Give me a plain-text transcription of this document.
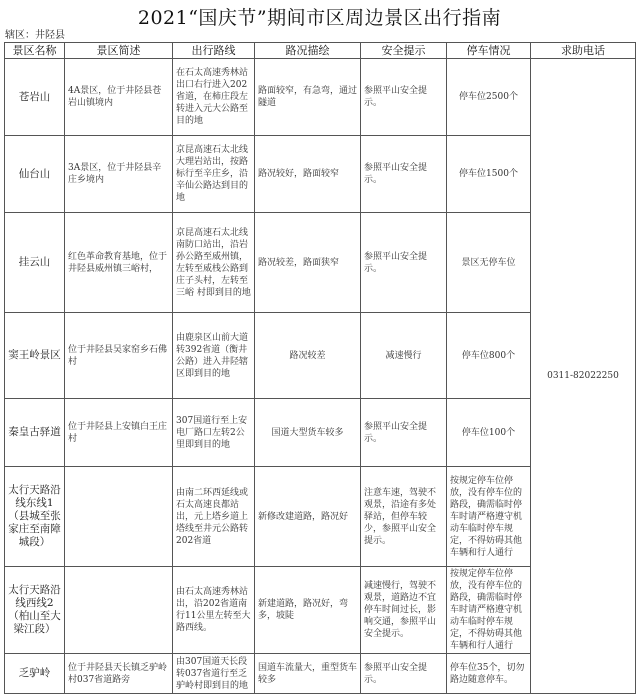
2021“国庆节”期间市区周边景区出行指南
辖区：井陉县
景区名称	景区简述	出行路线	路况描绘	安全提示	停车情况	求助电话
苍岩山	4A景区，位于井陉县苍岩山镇境内	在石太高速秀林站出口右行进入202省道，在柿庄段左转进入元大公路至目的地	路面较窄，有急弯，通过隧道	参照平山安全提示。	停车位2500个	0311-82022250
仙台山	3A景区，位于井陉县辛庄乡境内	京昆高速石太北线大理岩站出，按路标行至辛庄乡，沿辛仙公路达到目的地	路况较好，路面较窄	参照平山安全提示。	停车位1500个	
挂云山	红色革命教育基地，位于井陉县威州镇三峪村，	京昆高速石太北线南防口站出，沿岩孙公路至威州镇，左转至威栈公路到庄子头村，左转至三峪 村即到目的地	路况较差，路面狭窄	参照平山安全提示。	景区无停车位	
窦王岭景区	位于井陉县吴家窑乡石佛村	由鹿泉区山前大道转392省道（衡井公路）进入井陉辖区即到目的地	路况较差	减速慢行	停车位800个	
秦皇古驿道	位于井陉县上安镇白王庄村	307国道行至上安电厂路口左转2公里即到目的地	国道大型货车较多	参照平山安全提示。	停车位100个	
太行天路沿线东线1（县城至张家庄至南障城段）		由南二环西延线或石太高速良都站出，元上塔乡道上塔线至井元公路转202省道	新修改建道路，路况好	注意车速，驾驶不观景，沿途有多处驿站，但停车较少，参照平山安全提示。	按规定停车位停放，没有停车位的路段，确需临时停车时请严格遵守机动车临时停车规定，不得妨碍其他车辆和行人通行	
太行天路沿线西线2（柏山至大梁江段）		由石太高速秀林站出，沿202省道南行11公里左转至大路西线。	新建道路，路况好，弯多，坡陡	减速慢行，驾驶不观景，道路边不宜停车时间过长，影响交通，参照平山安全提示。	按规定停车位停放，没有停车位的路段，确需临时停车时请严格遵守机动车临时停车规定，不得妨碍其他车辆和行人通行	
乏驴岭	位于井陉县天长镇乏驴岭村037省道路旁	由307国道天长段转037省道行至乏驴岭村即到目的地	国道车流量大，重型货车较多	参照平山安全提示。	停车位35个，切勿路边随意停车。	
